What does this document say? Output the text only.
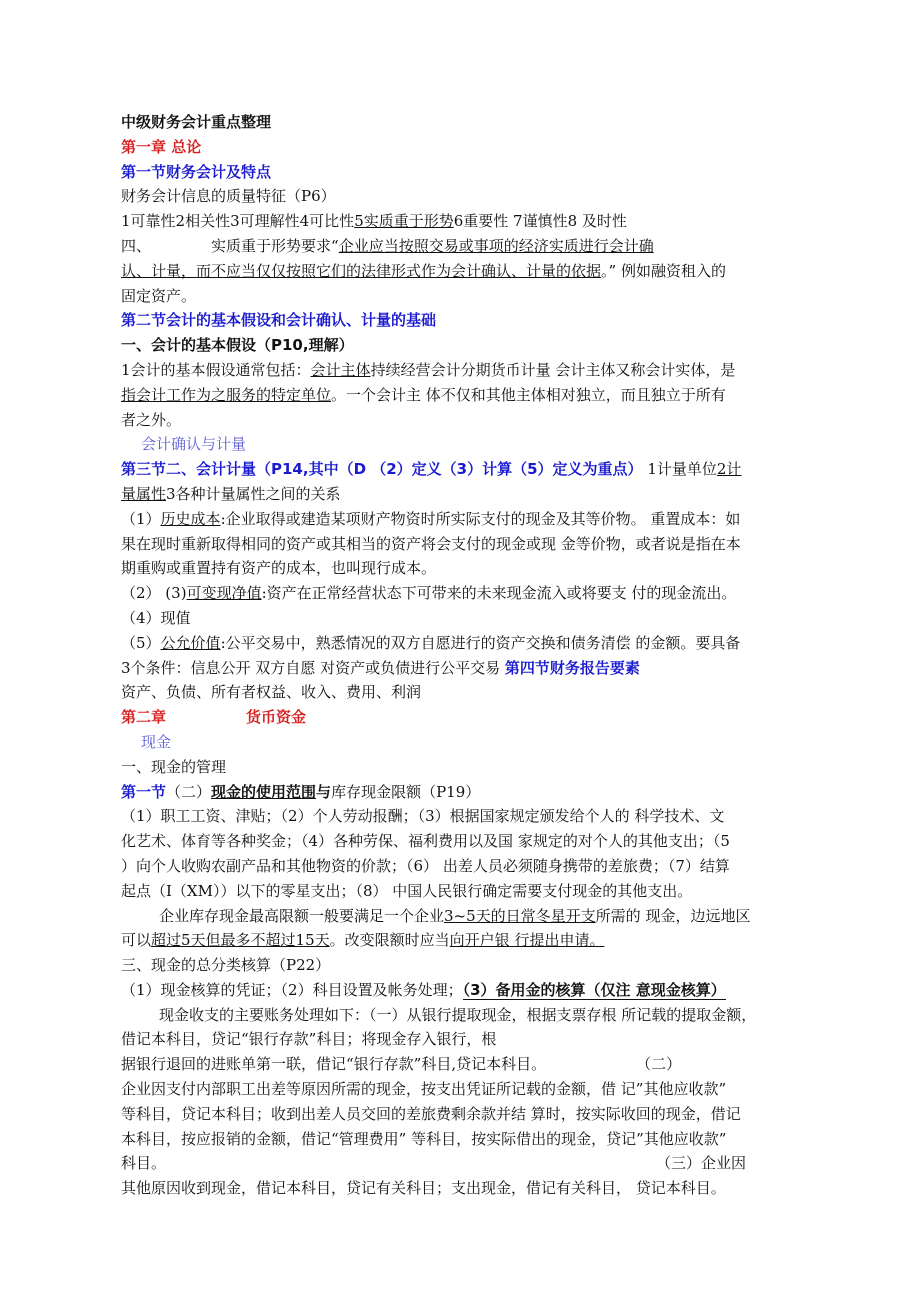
中级财务会计重点整理
第一章 总论
第一节财务会计及特点
财务会计信息的质量特征（P6）
1可靠性2相关性3可理解性4可比性5实质重于形势6重要性 7谨慎性8 及时性
四、	实质重于形势要求“企业应当按照交易或事项的经济实质进行会计确
认、计量，而不应当仅仅按照它们的法律形式作为会计确认、计量的依据。” 例如融资租入的
固定资产。
第二节会计的基本假设和会计确认、计量的基础
一、会计的基本假设（P10,理解）
1会计的基本假设通常包括：会计主体持续经营会计分期货币计量 会计主体又称会计实体，是
指会计工作为之服务的特定单位。一个会计主 体不仅和其他主体相对独立，而且独立于所有
者之外。
会计确认与计量
第三节二、会计计量（P14,其中（D （2）定义（3）计算（5）定义为重点） 1计量单位2计
量属性3各种计量属性之间的关系
（1）历史成本:企业取得或建造某项财产物资时所实际支付的现金及其等价物。 重置成本：如
果在现时重新取得相同的资产或其相当的资产将会支付的现金或现 金等价物，或者说是指在本
期重购或重置持有资产的成本，也叫现行成本。
（2） (3)可变现净值:资产在正常经营状态下可带来的未来现金流入或将要支 付的现金流出。
（4）现值
（5）公允价值:公平交易中，熟悉情况的双方自愿进行的资产交换和债务清偿 的金额。要具备
3个条件：信息公开 双方自愿 对资产或负债进行公平交易 第四节财务报告要素
资产、负债、所有者权益、收入、费用、利润
第二章	货币资金
现金
一、现金的管理
第一节（二）现金的使用范围与库存现金限额（P19）
（1）职工工资、津贴；（2）个人劳动报酬；（3）根据国家规定颁发给个人的 科学技术、文
化艺术、体育等各种奖金；（4）各种劳保、福利费用以及国 家规定的对个人的其他支出；（5
）向个人收购农副产品和其他物资的价款；（6） 出差人员必须随身携带的差旅费；（7）结算
起点（I（XM））以下的零星支出；（8） 中国人民银行确定需要支付现金的其他支出。
企业库存现金最高限额一般要满足一个企业3~5天的日常冬星开支所需的 现金，边远地区
可以超过5天但最多不超过15天。改变限额时应当向开户银 行提出申请。
三、现金的总分类核算（P22）
（1）现金核算的凭证；（2）科目设置及帐务处理；（3）备用金的核算（仅注 意现金核算）
现金收支的主要账务处理如下：（一）从银行提取现金，根据支票存根 所记载的提取金额，
借记本科目，贷记“银行存款”科目；将现金存入银行，根
据银行退回的进账单第一联，借记“银行存款”科目,贷记本科目。	（二）
企业因支付内部职工出差等原因所需的现金，按支出凭证所记载的金额，借 记”其他应收款”
等科目，贷记本科目；收到出差人员交回的差旅费剩余款并结 算时，按实际收回的现金，借记
本科目，按应报销的金额，借记“管理费用” 等科目，按实际借出的现金，贷记”其他应收款”
科目。	（三）企业因
其他原因收到现金，借记本科目，贷记有关科目；支出现金，借记有关科目， 贷记本科目。
